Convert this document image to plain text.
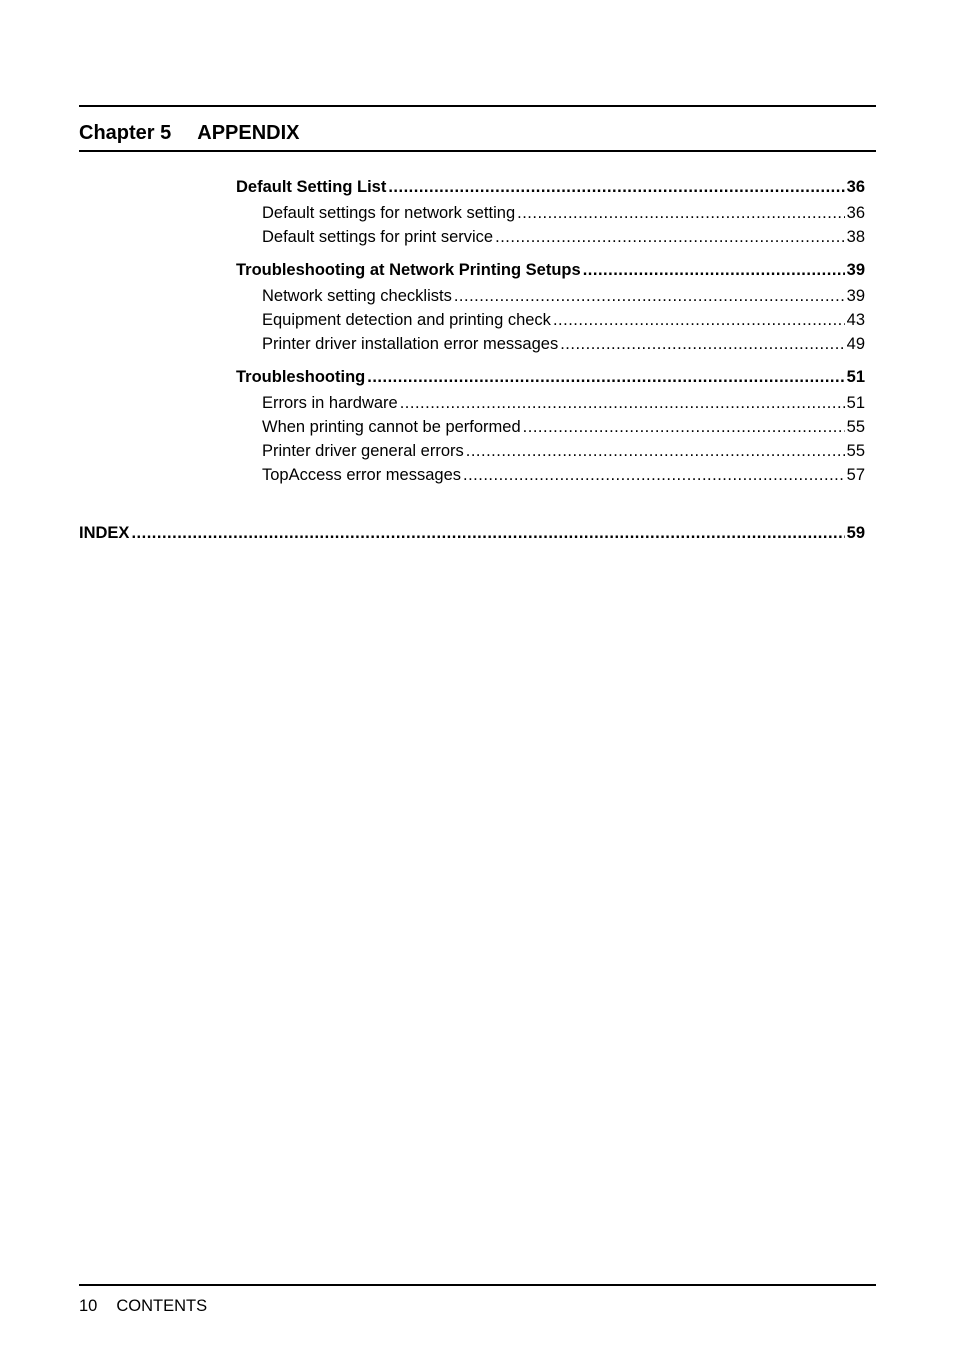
Chapter 5 APPENDIX
Default Setting List .....	36
Default settings for network setting .....	36
Default settings for print service .....	38
Troubleshooting at Network Printing Setups .....	39
Network setting checklists .....	39
Equipment detection and printing check .....	43
Printer driver installation error messages .....	49
Troubleshooting .....	51
Errors in hardware .....	51
When printing cannot be performed .....	55
Printer driver general errors .....	55
TopAccess error messages .....	57
INDEX .....	59
10 CONTENTS
